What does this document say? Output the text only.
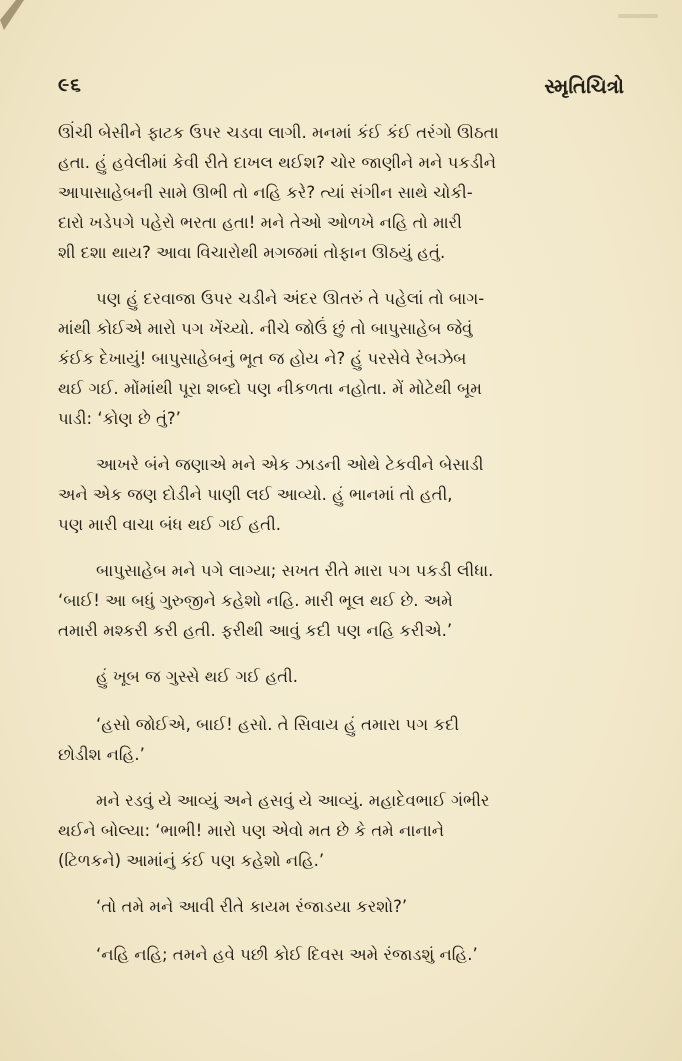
૯૬	સ્મૃતિચિત્રો

ઊંચી બેસીને ફાટક ઉપર ચડવા લાગી. મનમાં કંઈ કંઈ તરંગો ઊઠતા
હતા. હું હવેલીમાં કેવી રીતે દાખલ થઈશ? ચોર જાણીને મને પકડીને
આપાસાહેબની સામે ઊભી તો નહિ કરે? ત્યાં સંગીન સાથે ચોકી-
દારો ખડેપગે પહેરો ભરતા હતા! મને તેઓ ઓળખે નહિ તો મારી
શી દશા થાય? આવા વિચારોથી મગજમાં તોફાન ઊઠયું હતું.

પણ હું દરવાજા ઉપર ચડીને અંદર ઊતરું તે પહેલાં તો બાગ-
માંથી કોઈએ મારો પગ ખેંચ્યો. નીચે જોઉં છું તો બાપુસાહેબ જેવું
કંઈક દેખાયું! બાપુસાહેબનું ભૂત જ હોય ને? હું પરસેવે રેબઝેબ
થઈ ગઈ. મોંમાંથી પૂરા શબ્દો પણ નીકળતા નહોતા. મેં મોટેથી બૂમ
પાડી: ‘કોણ છે તું?’

આખરે બંને જણાએ મને એક ઝાડની ઓથે ટેકવીને બેસાડી
અને એક જણ દોડીને પાણી લઈ આવ્યો. હું ભાનમાં તો હતી,
પણ મારી વાચા બંધ થઈ ગઈ હતી.

બાપુસાહેબ મને પગે લાગ્યા; સખત રીતે મારા પગ પકડી લીધા.
‘બાઈ! આ બધું ગુરુજીને કહેશો નહિ. મારી ભૂલ થઈ છે. અમે
તમારી મશ્કરી કરી હતી. ફરીથી આવું કદી પણ નહિ કરીએ.’

હું ખૂબ જ ગુસ્સે થઈ ગઈ હતી.

‘હસો જોઈએ, બાઈ! હસો. તે સિવાય હું તમારા પગ કદી
છોડીશ નહિ.’

મને રડવું યે આવ્યું અને હસવું યે આવ્યું. મહાદેવભાઈ ગંભીર
થઈને બોલ્યા: ‘ભાભી! મારો પણ એવો મત છે કે તમે નાનાને
(ટિળકને) આમાંનું કંઈ પણ કહેશો નહિ.’

‘તો તમે મને આવી રીતે કાયમ રંજાડયા કરશો?’

‘નહિ નહિ; તમને હવે પછી કોઈ દિવસ અમે રંજાડશું નહિ.’
